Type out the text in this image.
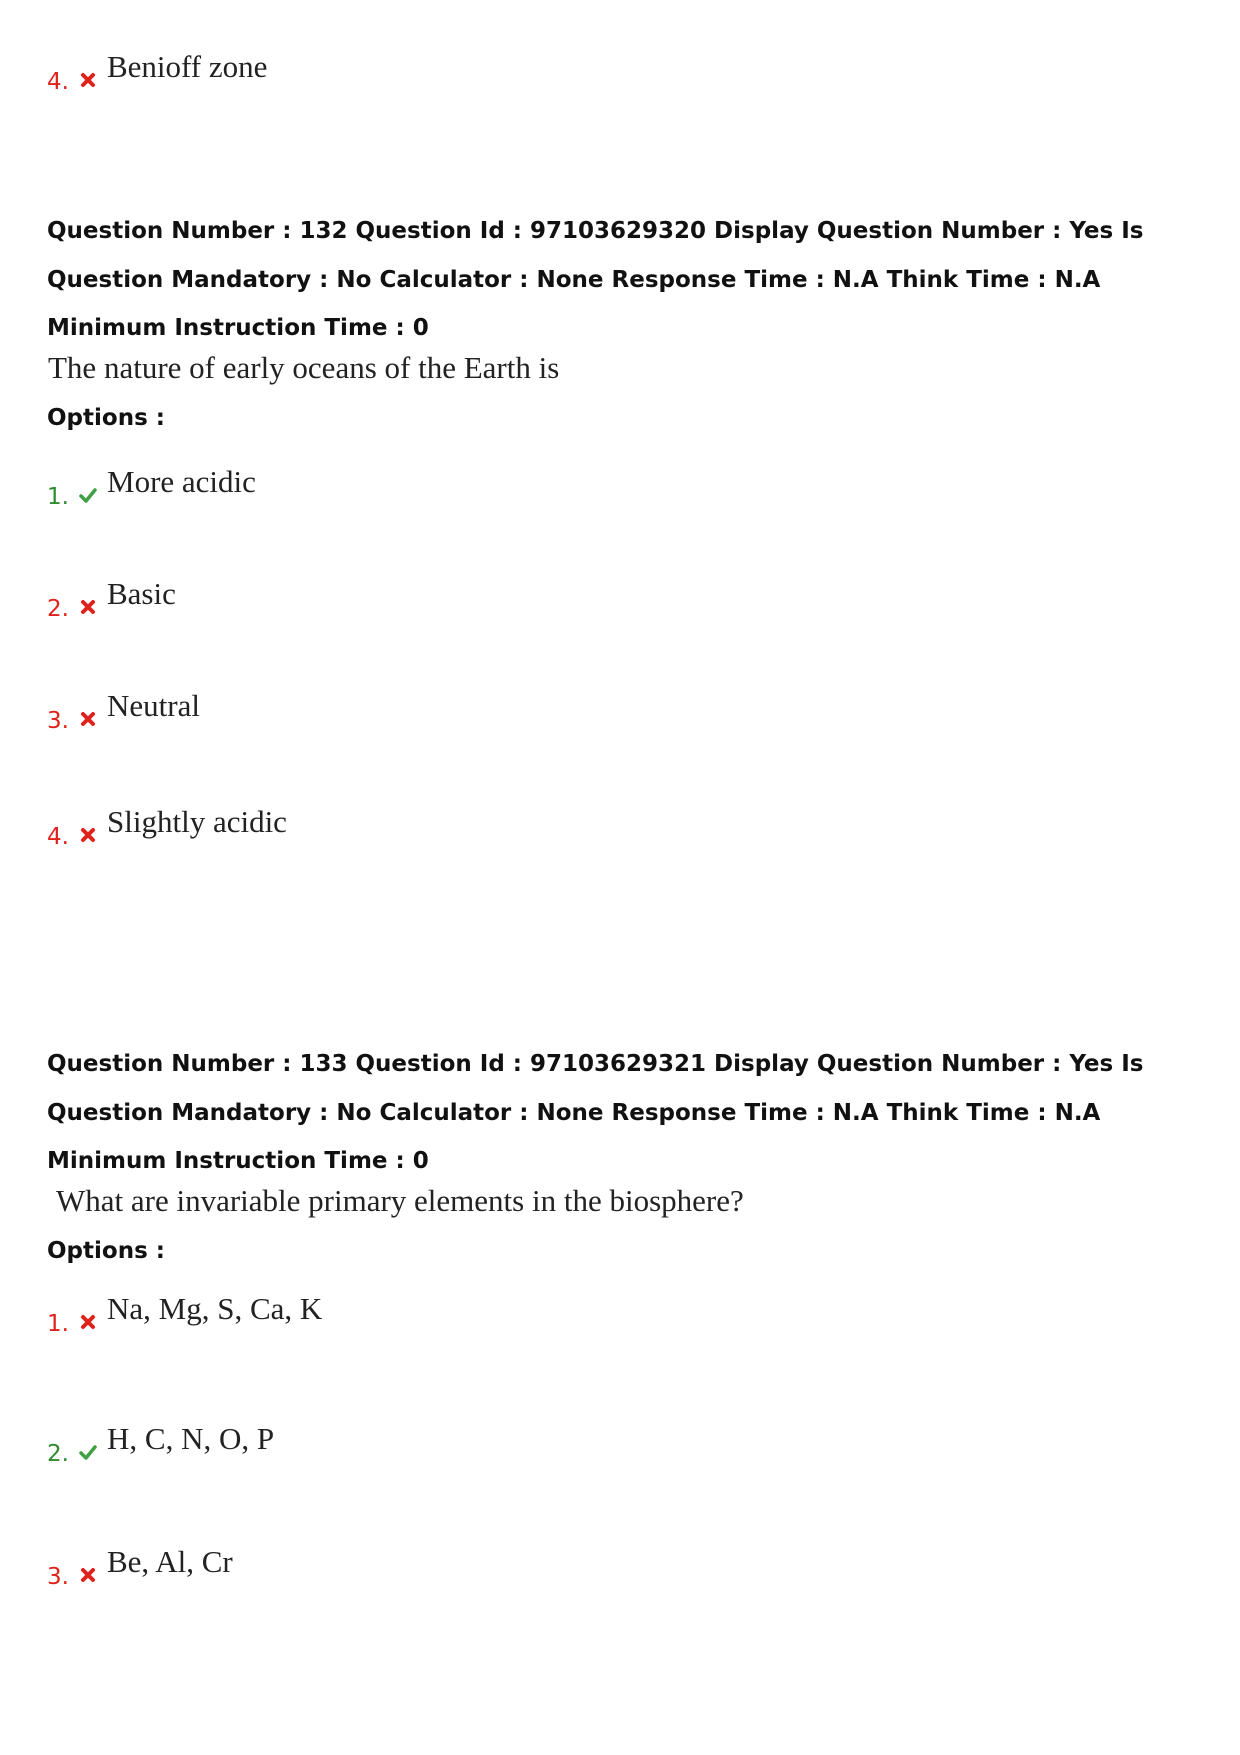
4. Benioff zone
Question Number : 132 Question Id : 97103629320 Display Question Number : Yes Is Question Mandatory : No Calculator : None Response Time : N.A Think Time : N.A Minimum Instruction Time : 0
The nature of early oceans of the Earth is
Options :
1. More acidic
2. Basic
3. Neutral
4. Slightly acidic
Question Number : 133 Question Id : 97103629321 Display Question Number : Yes Is Question Mandatory : No Calculator : None Response Time : N.A Think Time : N.A Minimum Instruction Time : 0
What are invariable primary elements in the biosphere?
Options :
1. Na, Mg, S, Ca, K
2. H, C, N, O, P
3. Be, Al, Cr
